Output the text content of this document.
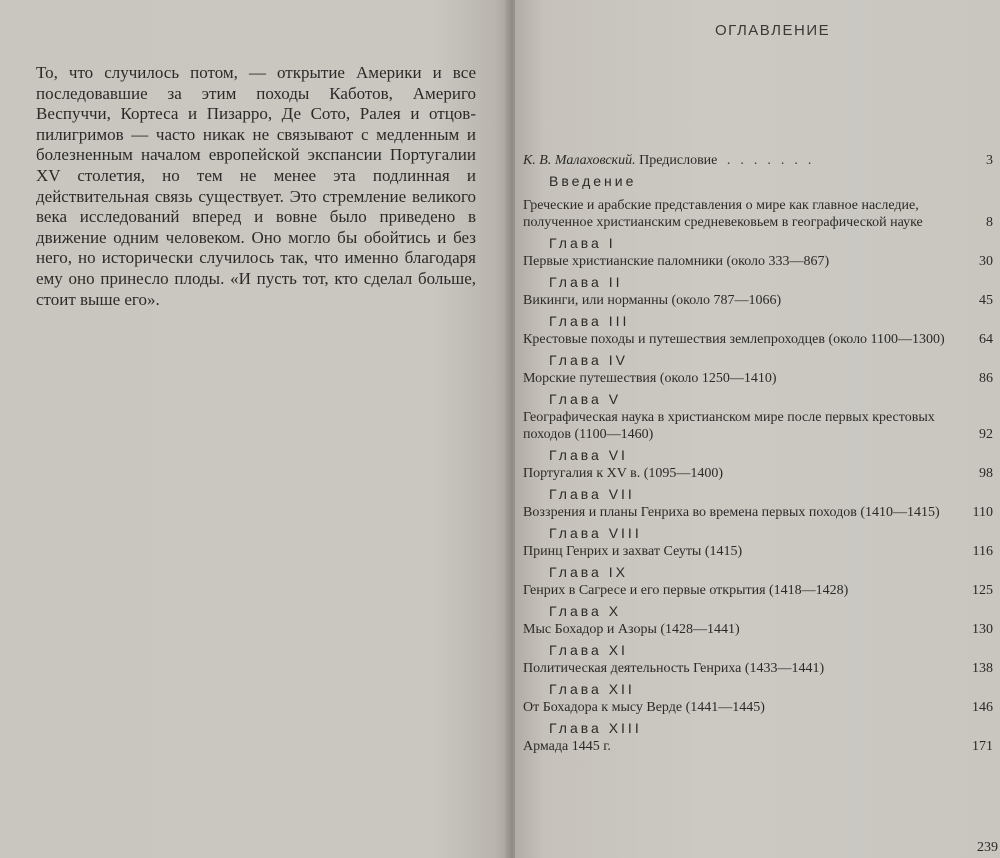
То, что случилось потом, — открытие Америки и все последовавшие за этим походы Каботов, Америго Веспуччи, Кортеса и Пизарро, Де Сото, Ралея и отцов-пилигримов — часто никак не связывают с медленным и болезненным началом европейской экспансии Португалии XV столетия, но тем не менее эта подлинная и действительная связь существует. Это стремление великого века исследований вперед и вовне было приведено в движение одним человеком. Оно могло бы обойтись и без него, но исторически случилось так, что именно благодаря ему оно принесло плоды. «И пусть тот, кто сделал больше, стоит выше его».

ОГЛАВЛЕНИЕ
К. В. Малаховский. Предисловие .......	3
Введение
Греческие и арабские представления о мире как главное наследие, полученное христианским средневековьем в географической науке	8
Глава I
Первые христианские паломники (около 333—867)	30
Глава II
Викинги, или норманны (около 787—1066)	45
Глава III
Крестовые походы и путешествия землепроходцев (около 1100—1300)	64
Глава IV
Морские путешествия (около 1250—1410)	86
Глава V
Географическая наука в христианском мире после первых крестовых походов (1100—1460)	92
Глава VI
Португалия к XV в. (1095—1400)	98
Глава VII
Воззрения и планы Генриха во времена первых походов (1410—1415)	110
Глава VIII
Принц Генрих и захват Сеуты (1415)	116
Глава IX
Генрих в Сагресе и его первые открытия (1418—1428)	125
Глава X
Мыс Бохадор и Азоры (1428—1441)	130
Глава XI
Политическая деятельность Генриха (1433—1441)	138
Глава XII
От Бохадора к мысу Верде (1441—1445)	146
Глава XIII
Армада 1445 г.	171
239
